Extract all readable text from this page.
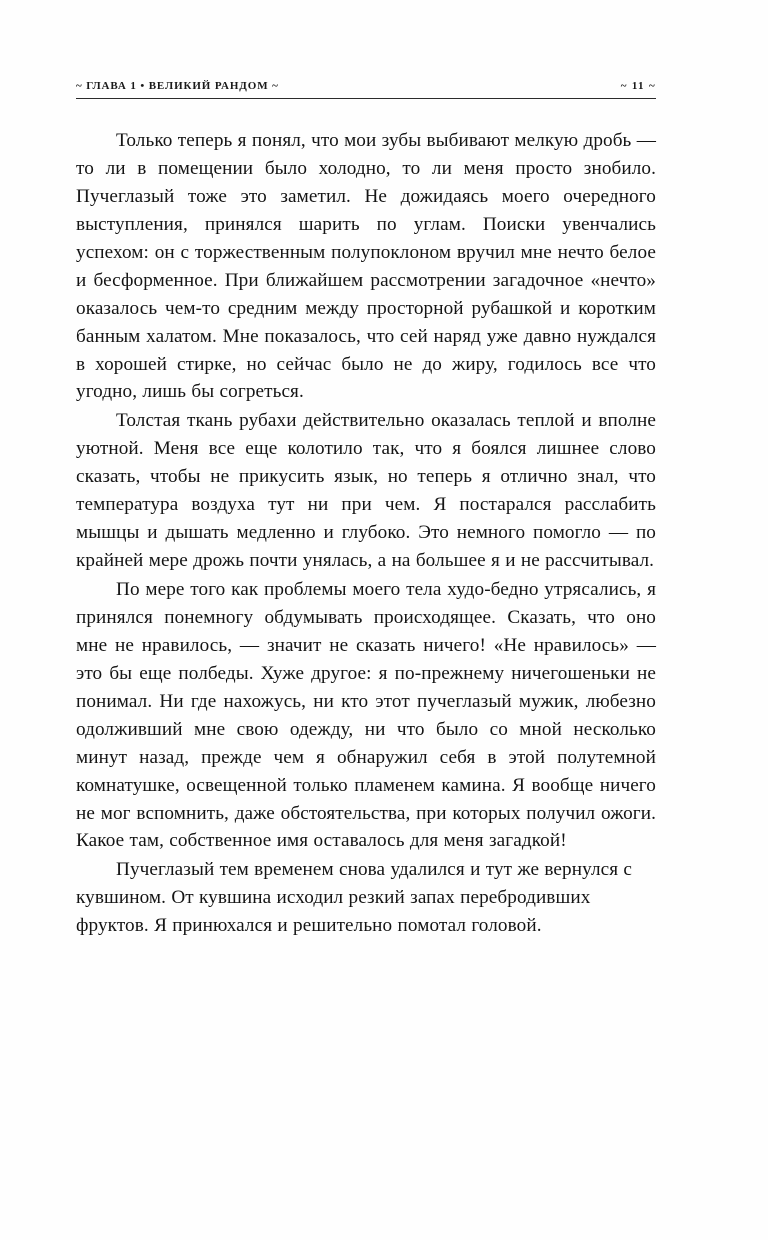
~ ГЛАВА 1 • ВЕЛИКИЙ РАНДОМ ~	~ 11 ~

Только теперь я понял, что мои зубы выбивают мелкую дробь — то ли в помещении было холодно, то ли меня просто знобило. Пучеглазый тоже это заметил. Не дожидаясь моего очередного выступления, принялся шарить по углам. Поиски увенчались успехом: он с торжественным полупоклоном вручил мне нечто белое и бесформенное. При ближайшем рассмотрении загадочное «нечто» оказалось чем-то средним между просторной рубашкой и коротким банным халатом. Мне показалось, что сей наряд уже давно нуждался в хорошей стирке, но сейчас было не до жиру, годилось все что угодно, лишь бы согреться.

Толстая ткань рубахи действительно оказалась теплой и вполне уютной. Меня все еще колотило так, что я боялся лишнее слово сказать, чтобы не прикусить язык, но теперь я отлично знал, что температура воздуха тут ни при чем. Я постарался расслабить мышцы и дышать медленно и глубоко. Это немного помогло — по крайней мере дрожь почти унялась, а на большее я и не рассчитывал.

По мере того как проблемы моего тела худо-бедно утрясались, я принялся понемногу обдумывать происходящее. Сказать, что оно мне не нравилось, — значит не сказать ничего! «Не нравилось» — это бы еще полбеды. Хуже другое: я по-прежнему ничегошеньки не понимал. Ни где нахожусь, ни кто этот пучеглазый мужик, любезно одолживший мне свою одежду, ни что было со мной несколько минут назад, прежде чем я обнаружил себя в этой полутемной комнатушке, освещенной только пламенем камина. Я вообще ничего не мог вспомнить, даже обстоятельства, при которых получил ожоги. Какое там, собственное имя оставалось для меня загадкой!

Пучеглазый тем временем снова удалился и тут же вернулся с кувшином. От кувшина исходил резкий запах перебродивших фруктов. Я принюхался и решительно помотал головой.
